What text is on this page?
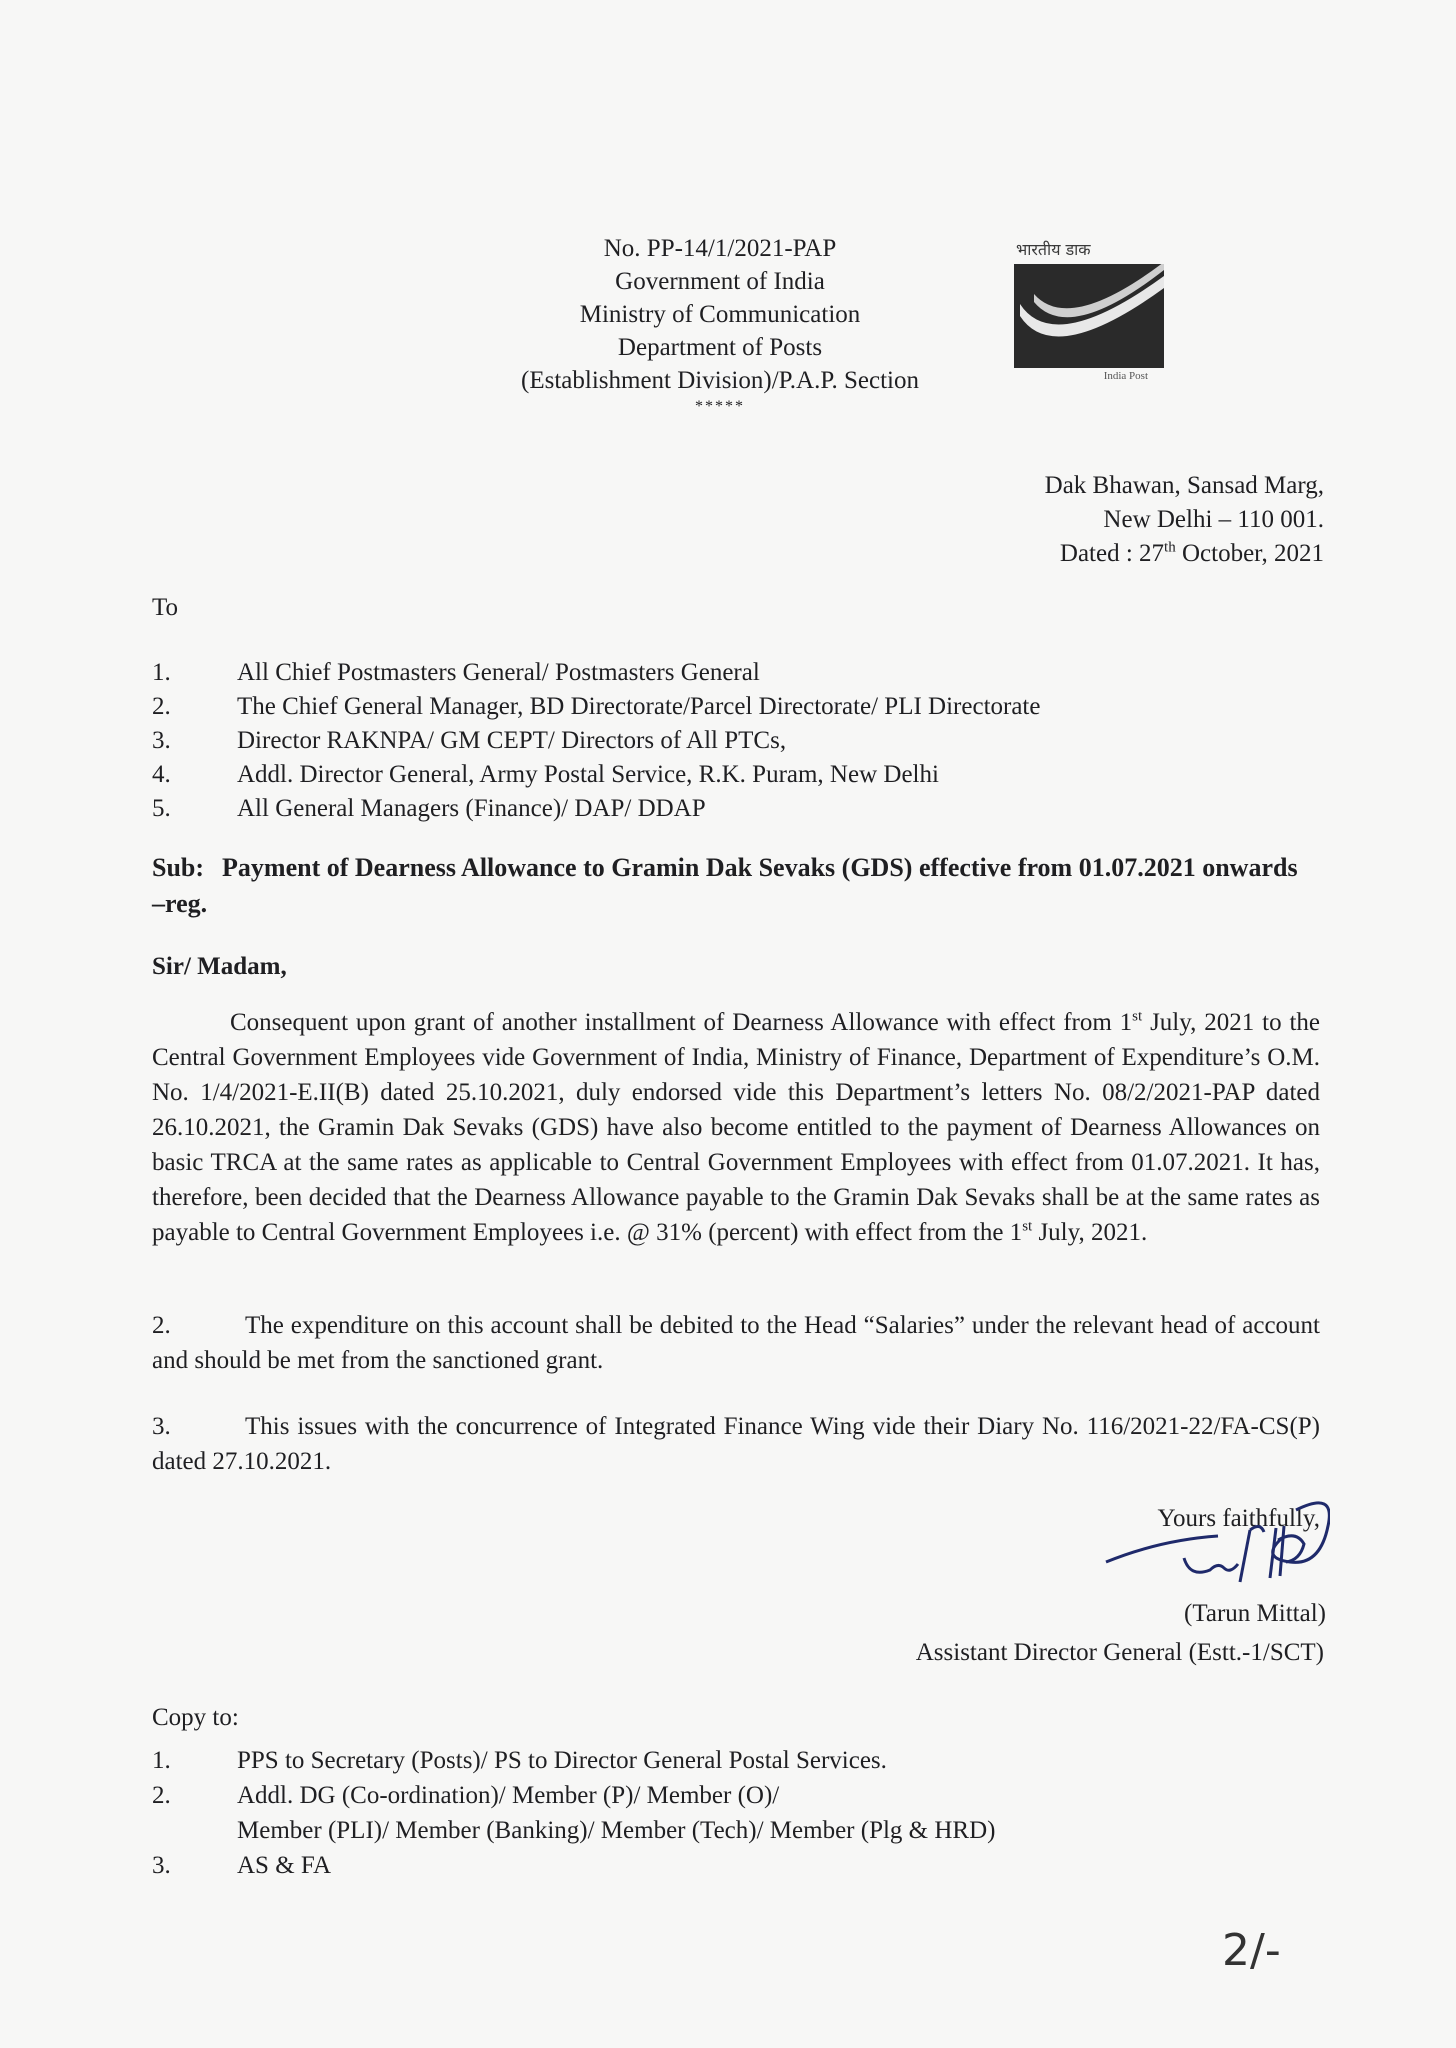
No. PP-14/1/2021-PAP
Government of India
Ministry of Communication
Department of Posts
(Establishment Division)/P.A.P. Section
*****
भारतीय डाक
India Post
Dak Bhawan, Sansad Marg,
New Delhi – 110 001.
Dated : 27th October, 2021
To
1.	All Chief Postmasters General/ Postmasters General
2.	The Chief General Manager, BD Directorate/Parcel Directorate/ PLI Directorate
3.	Director RAKNPA/ GM CEPT/ Directors of All PTCs,
4.	Addl. Director General, Army Postal Service, R.K. Puram, New Delhi
5.	All General Managers (Finance)/ DAP/ DDAP
Sub: Payment of Dearness Allowance to Gramin Dak Sevaks (GDS) effective from 01.07.2021 onwards –reg.
Sir/ Madam,
Consequent upon grant of another installment of Dearness Allowance with effect from 1st July, 2021 to the Central Government Employees vide Government of India, Ministry of Finance, Department of Expenditure’s O.M. No. 1/4/2021-E.II(B) dated 25.10.2021, duly endorsed vide this Department’s letters No. 08/2/2021-PAP dated 26.10.2021, the Gramin Dak Sevaks (GDS) have also become entitled to the payment of Dearness Allowances on basic TRCA at the same rates as applicable to Central Government Employees with effect from 01.07.2021. It has, therefore, been decided that the Dearness Allowance payable to the Gramin Dak Sevaks shall be at the same rates as payable to Central Government Employees i.e. @ 31% (percent) with effect from the 1st July, 2021.
2.	The expenditure on this account shall be debited to the Head “Salaries” under the relevant head of account and should be met from the sanctioned grant.
3.	This issues with the concurrence of Integrated Finance Wing vide their Diary No. 116/2021-22/FA-CS(P) dated 27.10.2021.
Yours faithfully,
(Tarun Mittal)
Assistant Director General (Estt.-1/SCT)
Copy to:
1.	PPS to Secretary (Posts)/ PS to Director General Postal Services.
2.	Addl. DG (Co-ordination)/ Member (P)/ Member (O)/
Member (PLI)/ Member (Banking)/ Member (Tech)/ Member (Plg & HRD)
3.	AS & FA
2/-
